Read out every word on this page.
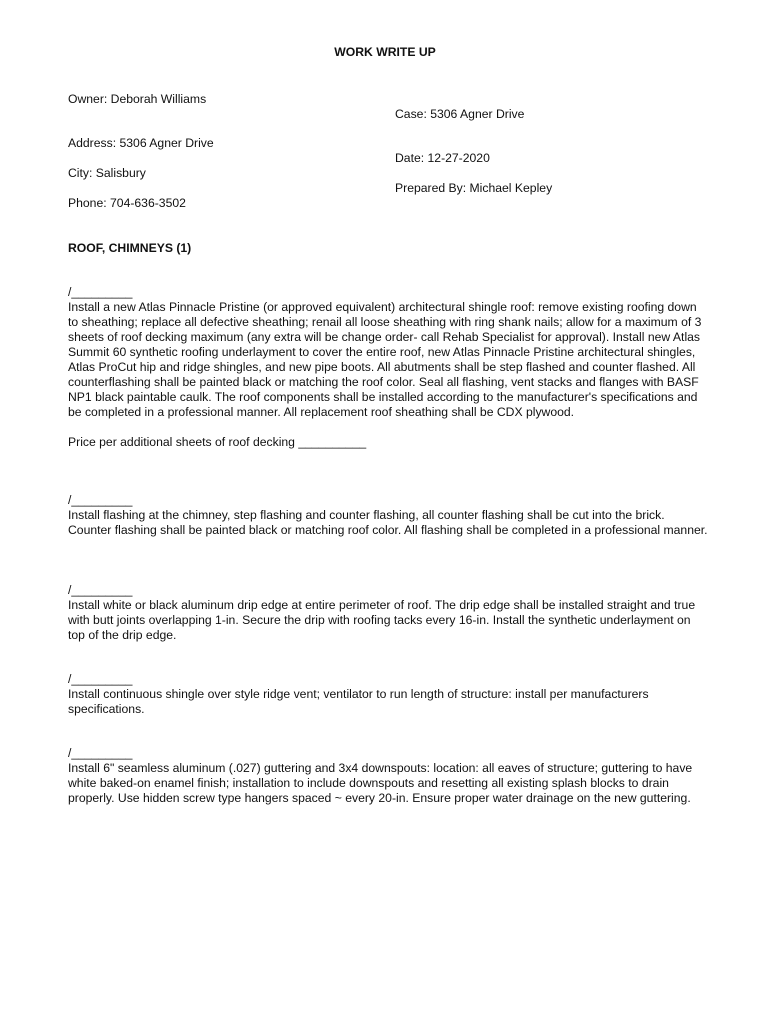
WORK WRITE UP
Owner: Deborah Williams
Case: 5306 Agner Drive
Address: 5306 Agner Drive
Date: 12-27-2020
City: Salisbury
Prepared By: Michael Kepley
Phone: 704-636-3502
ROOF, CHIMNEYS (1)
/_________
Install a new Atlas Pinnacle Pristine (or approved equivalent) architectural shingle roof: remove existing roofing down to sheathing; replace all defective sheathing; renail all loose sheathing with ring shank nails; allow for a maximum of 3 sheets of roof decking maximum (any extra will be change order- call Rehab Specialist for approval). Install new Atlas Summit 60 synthetic roofing underlayment to cover the entire roof, new Atlas Pinnacle Pristine architectural shingles, Atlas ProCut hip and ridge shingles, and new pipe boots. All abutments shall be step flashed and counter flashed. All counterflashing shall be painted black or matching the roof color. Seal all flashing, vent stacks and flanges with BASF NP1 black paintable caulk. The roof components shall be installed according to the manufacturer's specifications and be completed in a professional manner. All replacement roof sheathing shall be CDX plywood.
Price per additional sheets of roof decking __________
/_________
Install flashing at the chimney, step flashing and counter flashing, all counter flashing shall be cut into the brick. Counter flashing shall be painted black or matching roof color. All flashing shall be completed in a professional manner.
/_________
Install white or black aluminum drip edge at entire perimeter of roof. The drip edge shall be installed straight and true with butt joints overlapping 1-in. Secure the drip with roofing tacks every 16-in. Install the synthetic underlayment on top of the drip edge.
/_________
Install continuous shingle over style ridge vent; ventilator to run length of structure: install per manufacturers specifications.
/_________
Install 6" seamless aluminum (.027) guttering and 3x4 downspouts: location: all eaves of structure; guttering to have white baked-on enamel finish; installation to include downspouts and resetting all existing splash blocks to drain properly. Use hidden screw type hangers spaced ~ every 20-in. Ensure proper water drainage on the new guttering.
